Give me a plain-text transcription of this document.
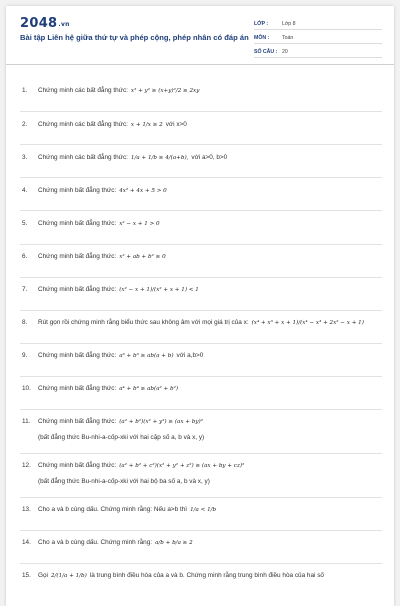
2048.vn
Bài tập Liên hệ giữa thứ tự và phép cộng, phép nhân có đáp án
LỚP :	Lớp 8
MÔN :	Toán
SỐ CÂU : 20
1. Chứng minh các bất đẳng thức: x² + y² ≥ (x+y)²/2 ≥ 2xy
2. Chứng minh các bất đẳng thức: x + 1/x ≥ 2 với x>0
3. Chứng minh các bất đẳng thức: 1/a + 1/b ≥ 4/(a+b), với a>0, b>0
4. Chứng minh bất đẳng thức: 4x² + 4x + 5 > 0
5. Chứng minh bất đẳng thức: x² − x + 1 > 0
6. Chứng minh bất đẳng thức: x² + ab + b² ≥ 0
7. Chứng minh bất đẳng thức: (x² − x + 1)/(x² + x + 1) < 1
8. Rút gọn rồi chứng minh rằng biểu thức sau không âm với mọi giá trị của x: (x⁴ + x³ + x + 1)/(x⁴ − x³ + 2x² − x + 1)
9. Chứng minh bất đẳng thức: a³ + b³ ≥ ab(a + b) với a,b>0
10. Chứng minh bất đẳng thức: a⁴ + b⁴ ≥ ab(a² + b²)
11. Chứng minh bất đẳng thức: (a² + b²)(x² + y²) ≥ (ax + by)²
(bất đẳng thức Bu-nhi-a-cốp-xki với hai cặp số a, b và x, y)
12. Chứng minh bất đẳng thức: (a² + b² + c²)(x² + y² + z²) ≥ (ax + by + cz)²
(bất đẳng thức Bu-nhi-a-cốp-xki với hai bộ ba số a, b và x, y)
13. Cho a và b cùng dấu. Chứng minh rằng: Nếu a>b thì 1/a < 1/b
14. Cho a và b cùng dấu. Chứng minh rằng: a/b + b/a ≥ 2
15. Gọi 2/(1/a + 1/b) là trung bình điều hòa của a và b. Chứng minh rằng trung bình điều hòa của hai số
